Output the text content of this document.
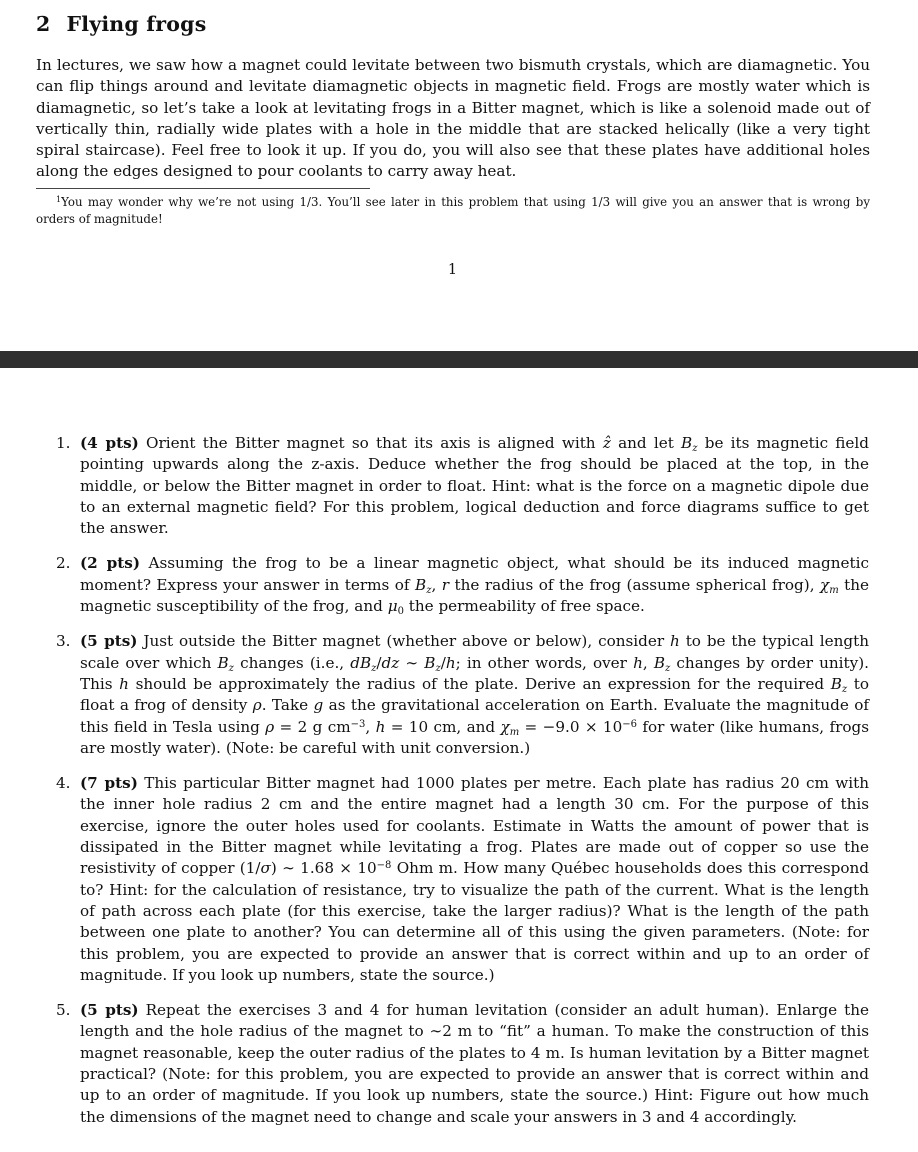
2 Flying frogs

In lectures, we saw how a magnet could levitate between two bismuth crystals, which are diamagnetic. You can flip things around and levitate diamagnetic objects in magnetic field. Frogs are mostly water which is diamagnetic, so let’s take a look at levitating frogs in a Bitter magnet, which is like a solenoid made out of vertically thin, radially wide plates with a hole in the middle that are stacked helically (like a very tight spiral staircase). Feel free to look it up. If you do, you will also see that these plates have additional holes along the edges designed to pour coolants to carry away heat.

$^1$You may wonder why we’re not using 1/3. You’ll see later in this problem that using 1/3 will give you an answer that is wrong by orders of magnitude!

1
1. (4 pts) Orient the Bitter magnet so that its axis is aligned with ẑ and let $B_z$ be its magnetic field pointing upwards along the z-axis. Deduce whether the frog should be placed at the top, in the middle, or below the Bitter magnet in order to float. Hint: what is the force on a magnetic dipole due to an external magnetic field? For this problem, logical deduction and force diagrams suffice to get the answer.
2. (2 pts) Assuming the frog to be a linear magnetic object, what should be its induced magnetic moment? Express your answer in terms of $B_z$, r the radius of the frog (assume spherical frog), $\chi_m$ the magnetic susceptibility of the frog, and $\mu_0$ the permeability of free space.
3. (5 pts) Just outside the Bitter magnet (whether above or below), consider h to be the typical length scale over which $B_z$ changes (i.e., $dB_z/dz$ ∼ $B_z/h$; in other words, over h, $B_z$ changes by order unity). This h should be approximately the radius of the plate. Derive an expression for the required $B_z$ to float a frog of density ρ. Take g as the gravitational acceleration on Earth. Evaluate the magnitude of this field in Tesla using ρ = 2 g $cm^{-3}$, h = 10 cm, and $\chi_m = -9.0 \times 10^{-6}$ for water (like humans, frogs are mostly water). (Note: be careful with unit conversion.)
4. (7 pts) This particular Bitter magnet had 1000 plates per metre. Each plate has radius 20 cm with the inner hole radius 2 cm and the entire magnet had a length 30 cm. For the purpose of this exercise, ignore the outer holes used for coolants. Estimate in Watts the amount of power that is dissipated in the Bitter magnet while levitating a frog. Plates are made out of copper so use the resistivity of copper (1/σ) ∼ $1.68 \times 10^{-8}$ Ohm m. How many Québec households does this correspond to? Hint: for the calculation of resistance, try to visualize the path of the current. What is the length of path across each plate (for this exercise, take the larger radius)? What is the length of the path between one plate to another? You can determine all of this using the given parameters. (Note: for this problem, you are expected to provide an answer that is correct within and up to an order of magnitude. If you look up numbers, state the source.)
5. (5 pts) Repeat the exercises 3 and 4 for human levitation (consider an adult human). Enlarge the length and the hole radius of the magnet to ∼2 m to “fit” a human. To make the construction of this magnet reasonable, keep the outer radius of the plates to 4 m. Is human levitation by a Bitter magnet practical? (Note: for this problem, you are expected to provide an answer that is correct within and up to an order of magnitude. If you look up numbers, state the source.) Hint: Figure out how much the dimensions of the magnet need to change and scale your answers in 3 and 4 accordingly.
